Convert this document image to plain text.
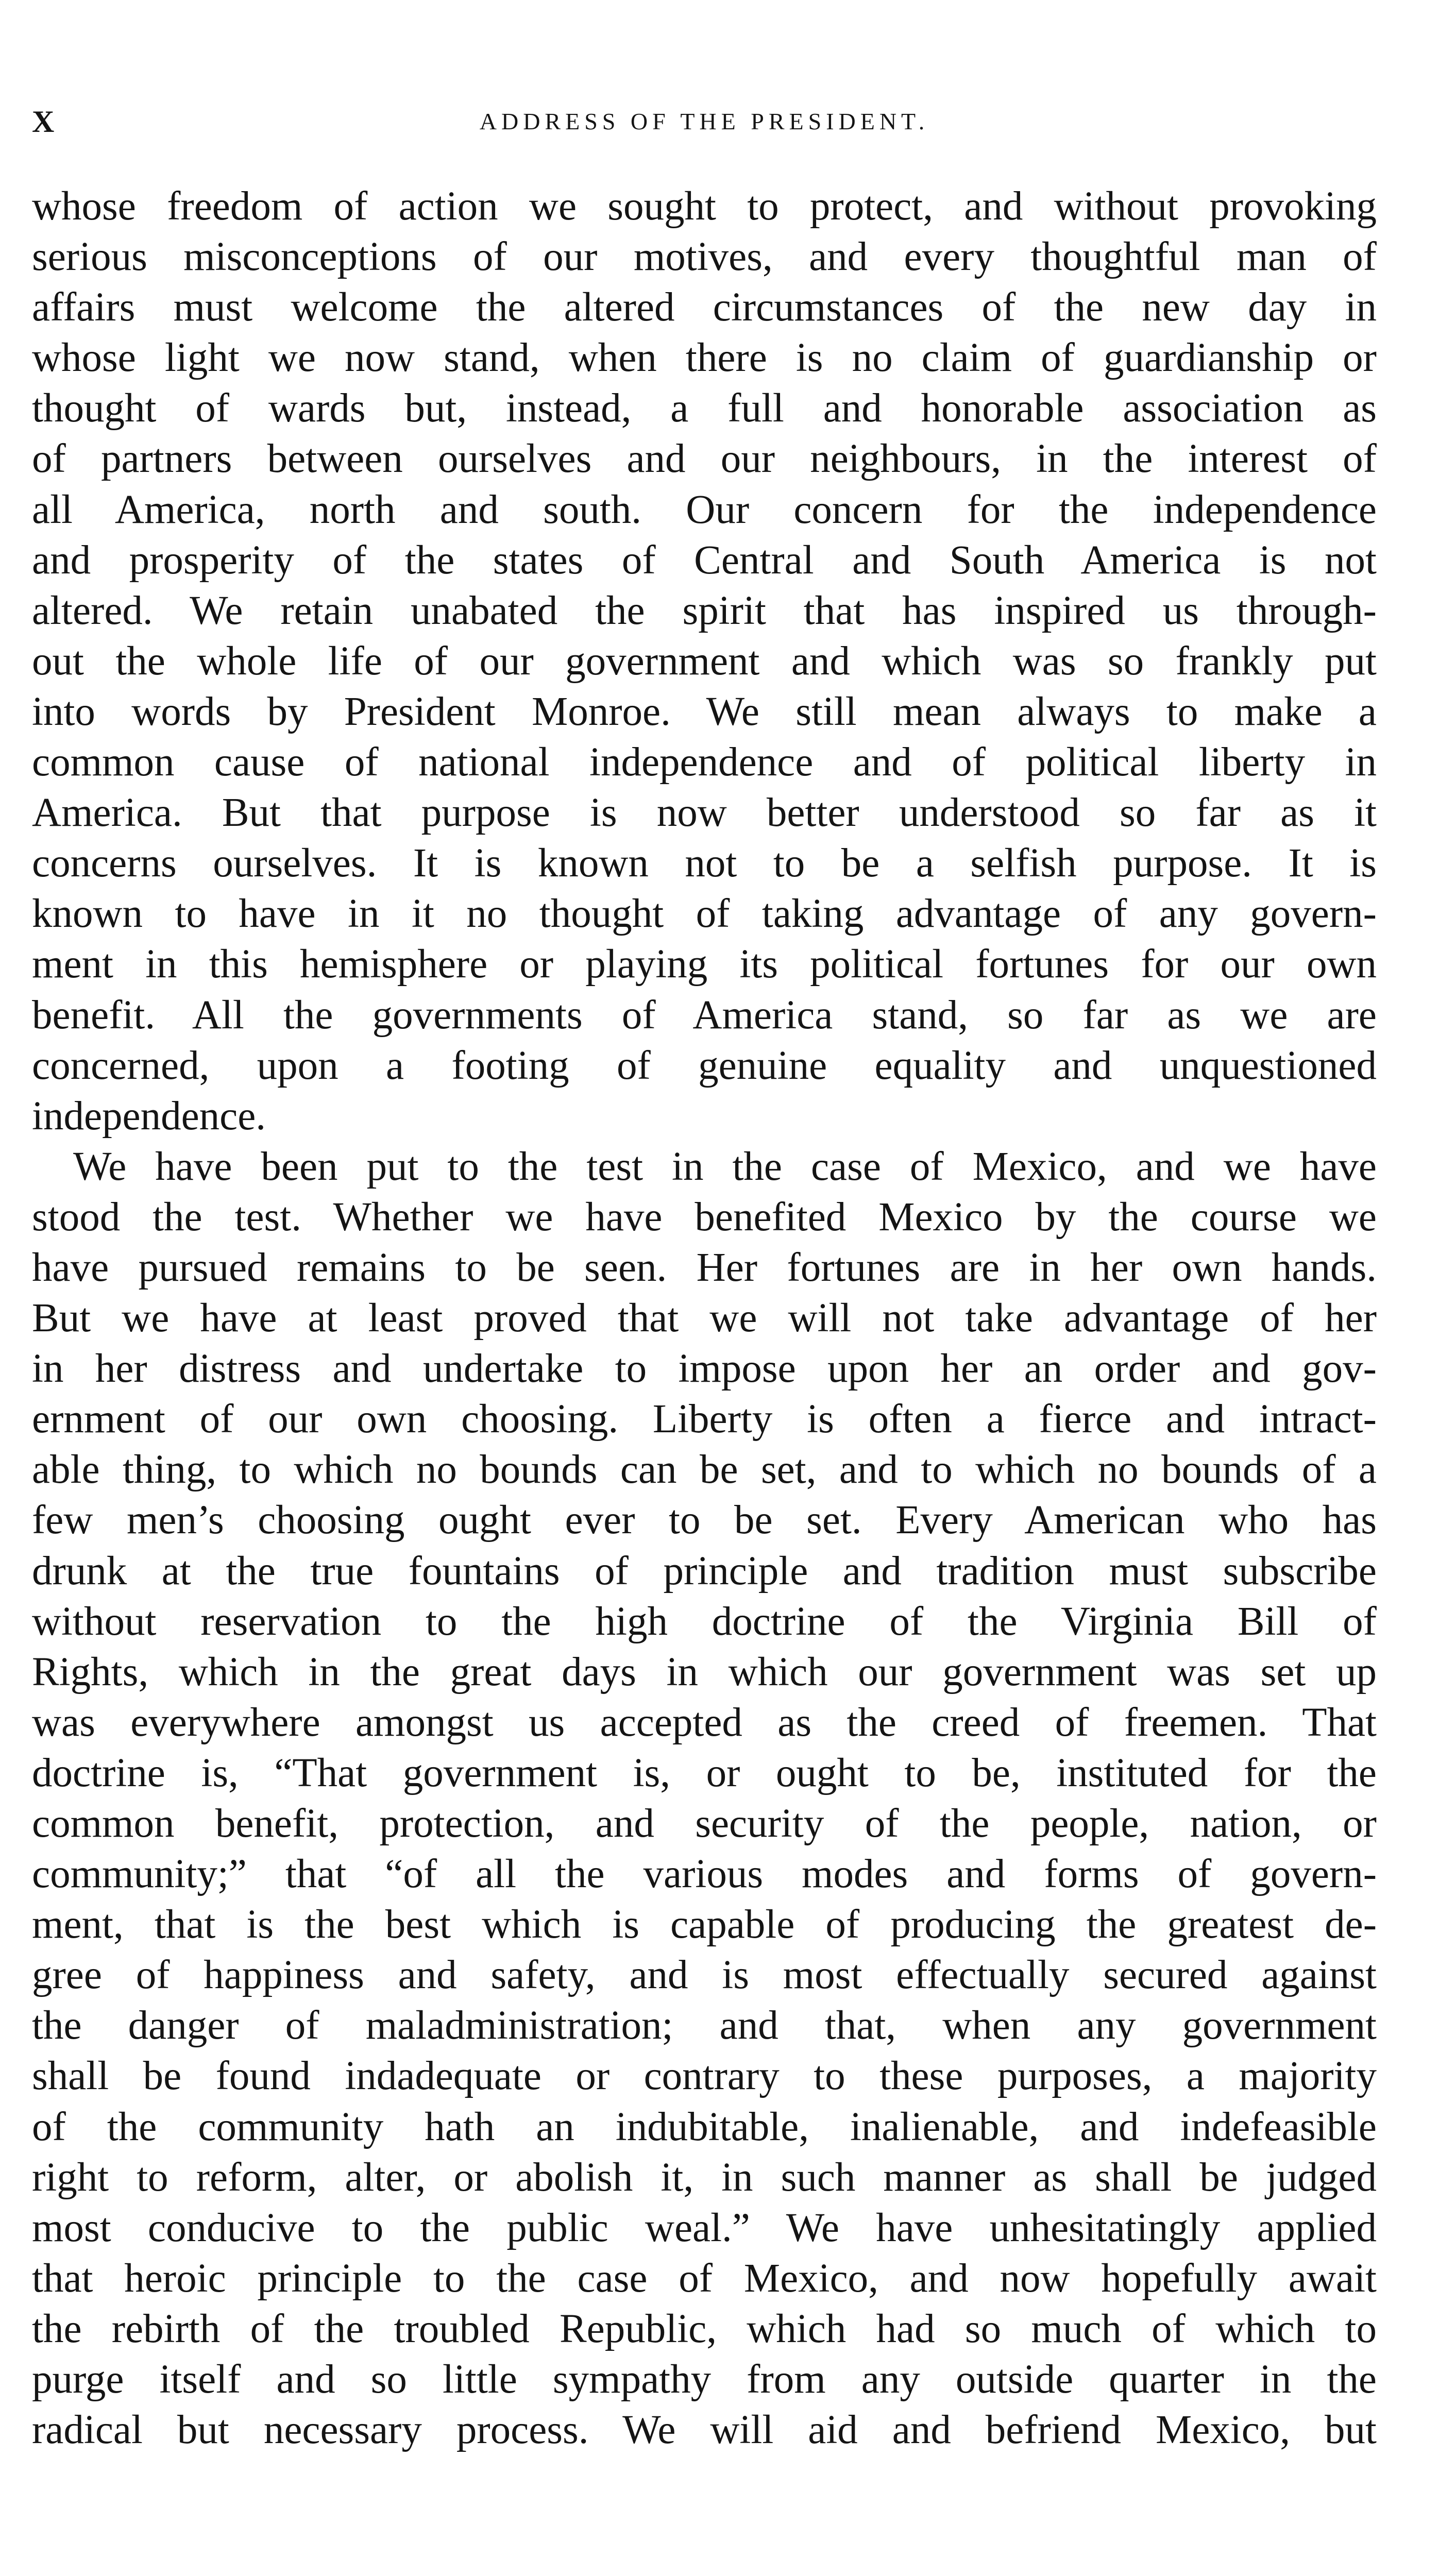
X	ADDRESS OF THE PRESIDENT.
whose freedom of action we sought to protect, and without provoking
serious misconceptions of our motives, and every thoughtful man of
affairs must welcome the altered circumstances of the new day in
whose light we now stand, when there is no claim of guardianship or
thought of wards but, instead, a full and honorable association as
of partners between ourselves and our neighbours, in the interest of
all America, north and south. Our concern for the independence
and prosperity of the states of Central and South America is not
altered. We retain unabated the spirit that has inspired us through-
out the whole life of our government and which was so frankly put
into words by President Monroe. We still mean always to make a
common cause of national independence and of political liberty in
America. But that purpose is now better understood so far as it
concerns ourselves. It is known not to be a selfish purpose. It is
known to have in it no thought of taking advantage of any govern-
ment in this hemisphere or playing its political fortunes for our own
benefit. All the governments of America stand, so far as we are
concerned, upon a footing of genuine equality and unquestioned
independence.
We have been put to the test in the case of Mexico, and we have
stood the test. Whether we have benefited Mexico by the course we
have pursued remains to be seen. Her fortunes are in her own hands.
But we have at least proved that we will not take advantage of her
in her distress and undertake to impose upon her an order and gov-
ernment of our own choosing. Liberty is often a fierce and intract-
able thing, to which no bounds can be set, and to which no bounds of a
few men’s choosing ought ever to be set. Every American who has
drunk at the true fountains of principle and tradition must subscribe
without reservation to the high doctrine of the Virginia Bill of
Rights, which in the great days in which our government was set up
was everywhere amongst us accepted as the creed of freemen. That
doctrine is, “That government is, or ought to be, instituted for the
common benefit, protection, and security of the people, nation, or
community;” that “of all the various modes and forms of govern-
ment, that is the best which is capable of producing the greatest de-
gree of happiness and safety, and is most effectually secured against
the danger of maladministration; and that, when any government
shall be found indadequate or contrary to these purposes, a majority
of the community hath an indubitable, inalienable, and indefeasible
right to reform, alter, or abolish it, in such manner as shall be judged
most conducive to the public weal.” We have unhesitatingly applied
that heroic principle to the case of Mexico, and now hopefully await
the rebirth of the troubled Republic, which had so much of which to
purge itself and so little sympathy from any outside quarter in the
radical but necessary process. We will aid and befriend Mexico, but
